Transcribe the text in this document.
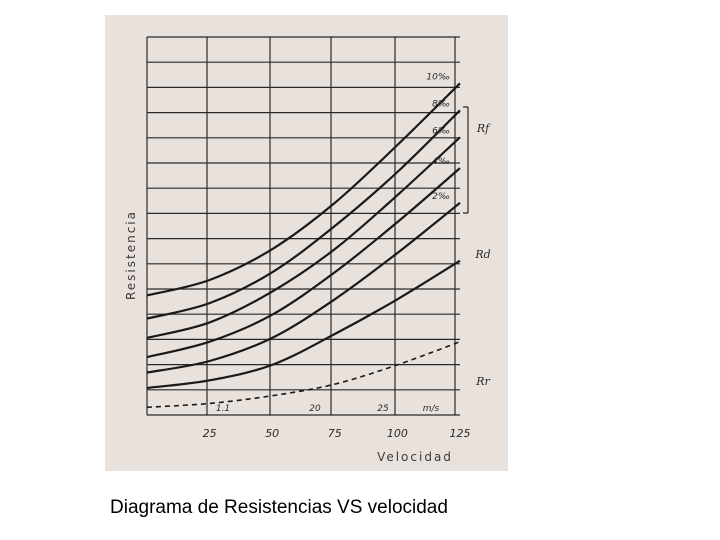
10‰
8‰
6‰
4‰
2‰
25	50	75	100	125
1.1	20	25	m/s
Rf
Rd
Rr
Resistencia
Velocidad
Diagrama de Resistencias VS velocidad
